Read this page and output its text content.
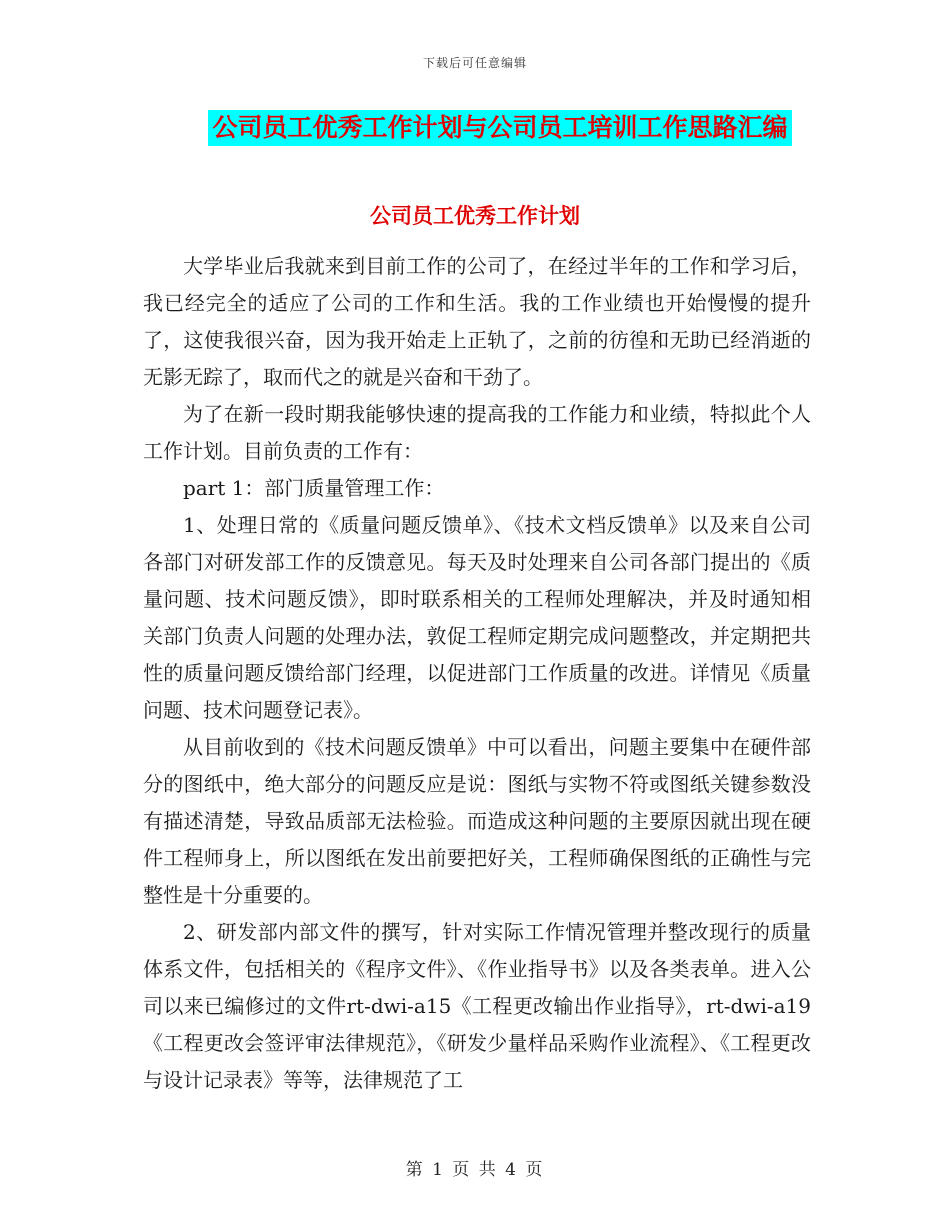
下载后可任意编辑
公司员工优秀工作计划与公司员工培训工作思路汇编
公司员工优秀工作计划

大学毕业后我就来到目前工作的公司了，在经过半年的工作和学习后，我已经完全的适应了公司的工作和生活。我的工作业绩也开始慢慢的提升了，这使我很兴奋，因为我开始走上正轨了，之前的彷徨和无助已经消逝的无影无踪了，取而代之的就是兴奋和干劲了。

为了在新一段时期我能够快速的提高我的工作能力和业绩，特拟此个人工作计划。目前负责的工作有：

part 1：部门质量管理工作：

1、处理日常的《质量问题反馈单》、《技术文档反馈单》以及来自公司各部门对研发部工作的反馈意见。每天及时处理来自公司各部门提出的《质量问题、技术问题反馈》，即时联系相关的工程师处理解决，并及时通知相关部门负责人问题的处理办法，敦促工程师定期完成问题整改，并定期把共性的质量问题反馈给部门经理，以促进部门工作质量的改进。详情见《质量问题、技术问题登记表》。

从目前收到的《技术问题反馈单》中可以看出，问题主要集中在硬件部分的图纸中，绝大部分的问题反应是说：图纸与实物不符或图纸关键参数没有描述清楚，导致品质部无法检验。而造成这种问题的主要原因就出现在硬件工程师身上，所以图纸在发出前要把好关，工程师确保图纸的正确性与完整性是十分重要的。

2、研发部内部文件的撰写，针对实际工作情况管理并整改现行的质量体系文件，包括相关的《程序文件》、《作业指导书》以及各类表单。进入公司以来已编修过的文件rt-dwi-a15《工程更改输出作业指导》，rt-dwi-a19《工程更改会签评审法律规范》，《研发少量样品采购作业流程》、《工程更改与设计记录表》等等，法律规范了工

第 1 页 共 4 页
